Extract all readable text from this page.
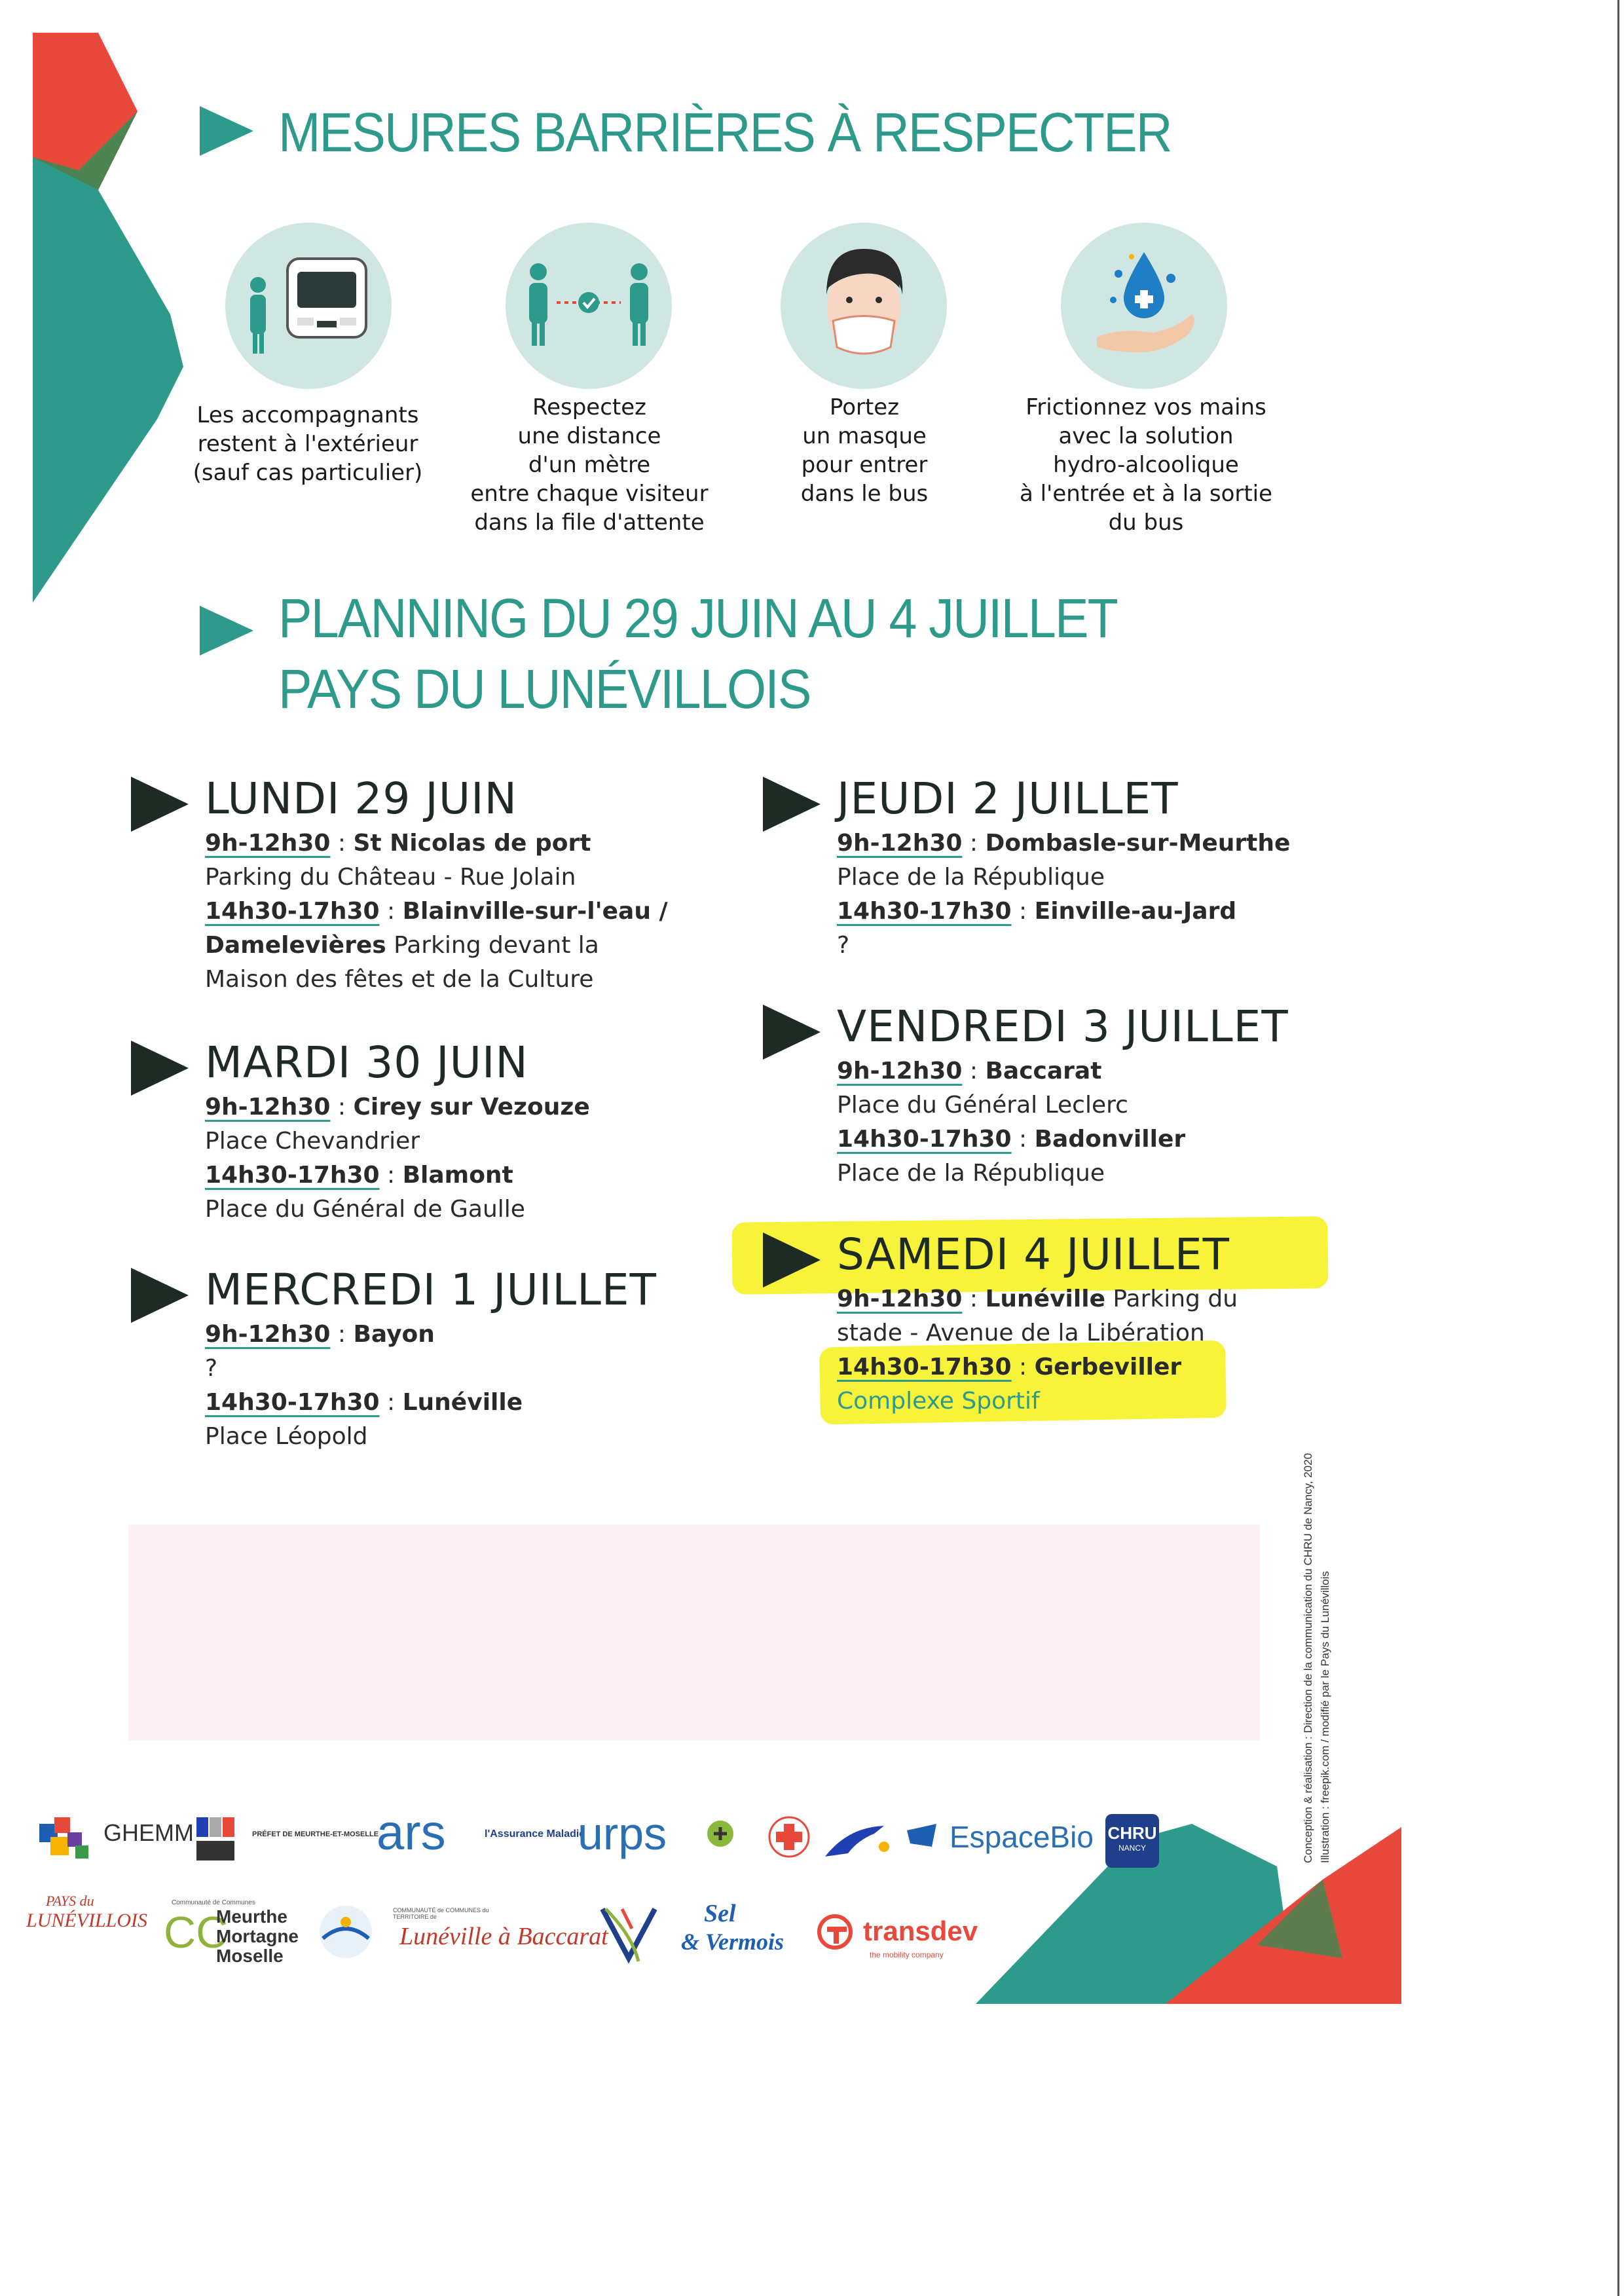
MESURES BARRIÈRES À RESPECTER
Les accompagnants
restent à l'extérieur
(sauf cas particulier)
Respectez
une distance
d'un mètre
entre chaque visiteur
dans la file d'attente
Portez
un masque
pour entrer
dans le bus
Frictionnez vos mains
avec la solution
hydro-alcoolique
à l'entrée et à la sortie
du bus
PLANNING DU 29 JUIN AU 4 JUILLET
PAYS DU LUNÉVILLOIS
LUNDI 29 JUIN
9h-12h30 : St Nicolas de port
Parking du Château - Rue Jolain
14h30-17h30 : Blainville-sur-l'eau /
Damelevières Parking devant la
Maison des fêtes et de la Culture
MARDI 30 JUIN
9h-12h30 : Cirey sur Vezouze
Place Chevandrier
14h30-17h30 : Blamont
Place du Général de Gaulle
MERCREDI 1 JUILLET
9h-12h30 : Bayon
?
14h30-17h30 : Lunéville
Place Léopold
JEUDI 2 JUILLET
9h-12h30 : Dombasle-sur-Meurthe
Place de la République
14h30-17h30 : Einville-au-Jard
?
VENDREDI 3 JUILLET
9h-12h30 : Baccarat
Place du Général Leclerc
14h30-17h30 : Badonviller
Place de la République
SAMEDI 4 JUILLET
9h-12h30 : Lunéville Parking du
stade - Avenue de la Libération
14h30-17h30 : Gerbeviller
Complexe Sportif
Conception & réalisation : Direction de la communication du CHRU de Nancy, 2020 Illustration : freepik.com / modifié par le Pays du Lunévillois
GHEMM	PRÉFET DE MEURTHE-ET-MOSELLE
ars	l'Assurance Maladie
urps	EspaceBio CHRU
NANCY
PAYS du
LUNÉVILLOIS
Communauté de Communes
CC
Meurthe
Mortagne
Moselle
COMMUNAUTÉ de COMMUNES du TERRITOIRE de
Lunéville à Baccarat
Sel
& Vermois	transdev
the mobility company
